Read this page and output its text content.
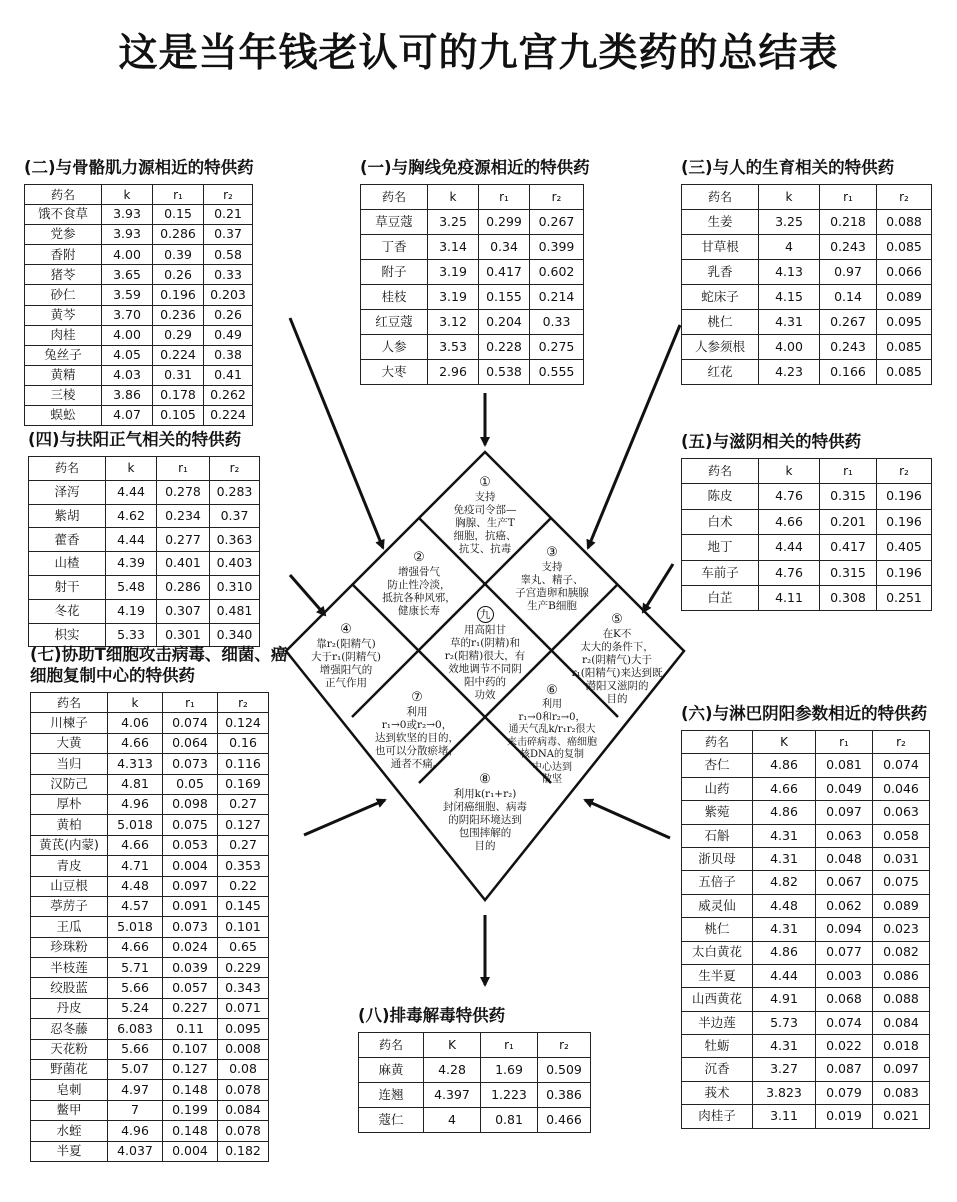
这是当年钱老认可的九宫九类药的总结表
①
支持
免疫司令部—
胸腺、生产T
细胞，抗癌、
抗艾、抗毒
②
增强骨气
防止性冷淡，
抵抗各种风邪，
健康长寿
③
支持
睾丸、精子、
子宫造卵和胰腺
生产B细胞
④
靠r₂(阳精气)
大于r₁(阴精气)
增强阳气的
正气作用
九
用高阳甘
草的r₁(阴精)和
r₂(阳精)很大，有
效地调节不同阴
阳中药的
功效
⑤
在K不
太大的条件下，
r₂(阴精气)大于
r₁(阳精气)来达到既
潜阳又滋阴的
目的
⑦
利用
r₁→0或r₂→0，
达到软坚的目的，
也可以分散瘀堵，
通者不痛。
⑥
利用
r₁→0和r₂→0，
通天气乱k/r₁r₂很大
来击碎病毒、癌细胞
核DNA的复制
中心达到
散坚
⑧
利用k(r₁+r₂)
封闭癌细胞、病毒
的阴阳环境达到
包围摔解的
目的
(二)与骨骼肌力源相近的特供药
药名	k	r₁	r₂
饿不食草	3.93	0.15	0.21
党参	3.93	0.286	0.37
香附	4.00	0.39	0.58
猪苓	3.65	0.26	0.33
砂仁	3.59	0.196	0.203
黄芩	3.70	0.236	0.26
肉桂	4.00	0.29	0.49
兔丝子	4.05	0.224	0.38
黄精	4.03	0.31	0.41
三棱	3.86	0.178	0.262
蜈蚣	4.07	0.105	0.224
(一)与胸线免疫源相近的特供药
药名	k	r₁	r₂
草豆蔻	3.25	0.299	0.267
丁香	3.14	0.34	0.399
附子	3.19	0.417	0.602
桂枝	3.19	0.155	0.214
红豆蔻	3.12	0.204	0.33
人参	3.53	0.228	0.275
大枣	2.96	0.538	0.555
(三)与人的生育相关的特供药
药名	k	r₁	r₂
生姜	3.25	0.218	0.088
甘草根	4	0.243	0.085
乳香	4.13	0.97	0.066
蛇床子	4.15	0.14	0.089
桃仁	4.31	0.267	0.095
人参须根	4.00	0.243	0.085
红花	4.23	0.166	0.085
(四)与扶阳正气相关的特供药
药名	k	r₁	r₂
泽泻	4.44	0.278	0.283
紫胡	4.62	0.234	0.37
藿香	4.44	0.277	0.363
山楂	4.39	0.401	0.403
射干	5.48	0.286	0.310
冬花	4.19	0.307	0.481
枳实	5.33	0.301	0.340
(五)与滋阴相关的特供药
药名	k	r₁	r₂
陈皮	4.76	0.315	0.196
白术	4.66	0.201	0.196
地丁	4.44	0.417	0.405
车前子	4.76	0.315	0.196
白芷	4.11	0.308	0.251
(七)协助T细胞攻击病毒、细菌、癌细胞复制中心的特供药
药名	k	r₁	r₂
川楝子	4.06	0.074	0.124
大黄	4.66	0.064	0.16
当归	4.313	0.073	0.116
汉防己	4.81	0.05	0.169
厚朴	4.96	0.098	0.27
黄柏	5.018	0.075	0.127
黄芪(内蒙)	4.66	0.053	0.27
青皮	4.71	0.004	0.353
山豆根	4.48	0.097	0.22
葶苈子	4.57	0.091	0.145
王瓜	5.018	0.073	0.101
珍珠粉	4.66	0.024	0.65
半枝莲	5.71	0.039	0.229
绞股蓝	5.66	0.057	0.343
丹皮	5.24	0.227	0.071
忍冬藤	6.083	0.11	0.095
天花粉	5.66	0.107	0.008
野菌花	5.07	0.127	0.08
皂刺	4.97	0.148	0.078
鳖甲	7	0.199	0.084
水蛭	4.96	0.148	0.078
半夏	4.037	0.004	0.182
(六)与淋巴阴阳参数相近的特供药
药名	K	r₁	r₂
杏仁	4.86	0.081	0.074
山药	4.66	0.049	0.046
紫菀	4.86	0.097	0.063
石斛	4.31	0.063	0.058
浙贝母	4.31	0.048	0.031
五倍子	4.82	0.067	0.075
威灵仙	4.48	0.062	0.089
桃仁	4.31	0.094	0.023
太白黄花	4.86	0.077	0.082
生半夏	4.44	0.003	0.086
山西黄花	4.91	0.068	0.088
半边莲	5.73	0.074	0.084
牡蛎	4.31	0.022	0.018
沉香	3.27	0.087	0.097
莪术	3.823	0.079	0.083
肉桂子	3.11	0.019	0.021
(八)排毒解毒特供药
药名	K	r₁	r₂
麻黄	4.28	1.69	0.509
连翘	4.397	1.223	0.386
蔻仁	4	0.81	0.466
